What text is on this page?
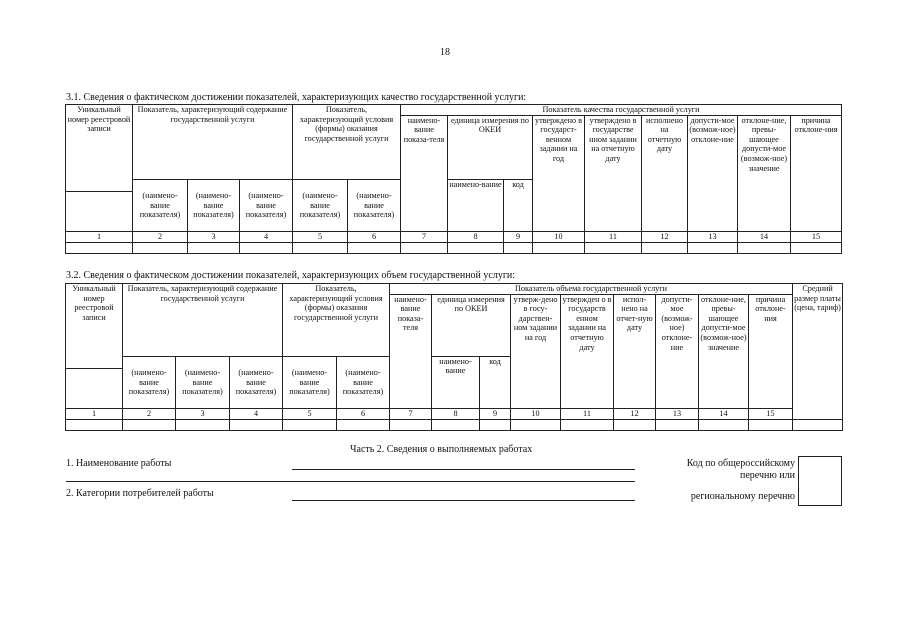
18
3.1. Сведения о фактическом достижении показателей, характеризующих качество государственной услуги:
Уникальный номер реестровой записи	Показатель, характеризующий содержание государственной услуги			Показатель, характеризующий условия (формы) оказания государственной услуги		Показатель качества государственной услуги								
						наимено-вание показа-теля	единица измерения по ОКЕИ		утверждено в государст-венном задании на год	утверждено в государстве нном задании на отчетную дату	исполнено на отчетную дату	допусти-мое (возмож-ное) отклоне-ние	отклоне-ние, превы-шающее допусти-мое (возмож-ное) значение	причина отклоне-ния
							наимено-вание	код						
	(наимено-вание показателя)	(наимено-вание показателя)	(наимено-вание показателя)	(наимено-вание показателя)	(наимено-вание показателя)									
1	2	3	4	5	6	7	8	9	10	11	12	13	14	15

3.2. Сведения о фактическом достижении показателей, характеризующих объем государственной услуги:
Уникальный номер реестровой записи	Показатель, характеризующий содержание государственной услуги			Показатель, характеризующий условия (формы) оказания государственной услуги		Показатель объема государственной услуги									Средний размер платы (цена, тариф)	
						наимено-вание показа-теля	единица измерения по ОКЕИ		утверж-дено в госу-дарствен-ном задании на год	утвержден о в государств енном задании на отчетную дату	испол-нено на отчет-ную дату	допусти-мое (возмож-ное) отклоне-ние	отклоне-ние, превы-шающее допусти-мое (возмож-ное) значение	причина отклоне-ния		
							наимено-вание	код								
	(наимено-вание показателя)	(наимено-вание показателя)	(наимено-вание показателя)	(наимено-вание показателя)	(наимено-вание показателя)											
1	2	3	4	5	6	7	8	9	10	11	12	13	14	15	

Часть 2. Сведения о выполняемых работах
1. Наименование работы
2. Категории потребителей работы
Код по общероссийскому
перечню или
региональному перечню
